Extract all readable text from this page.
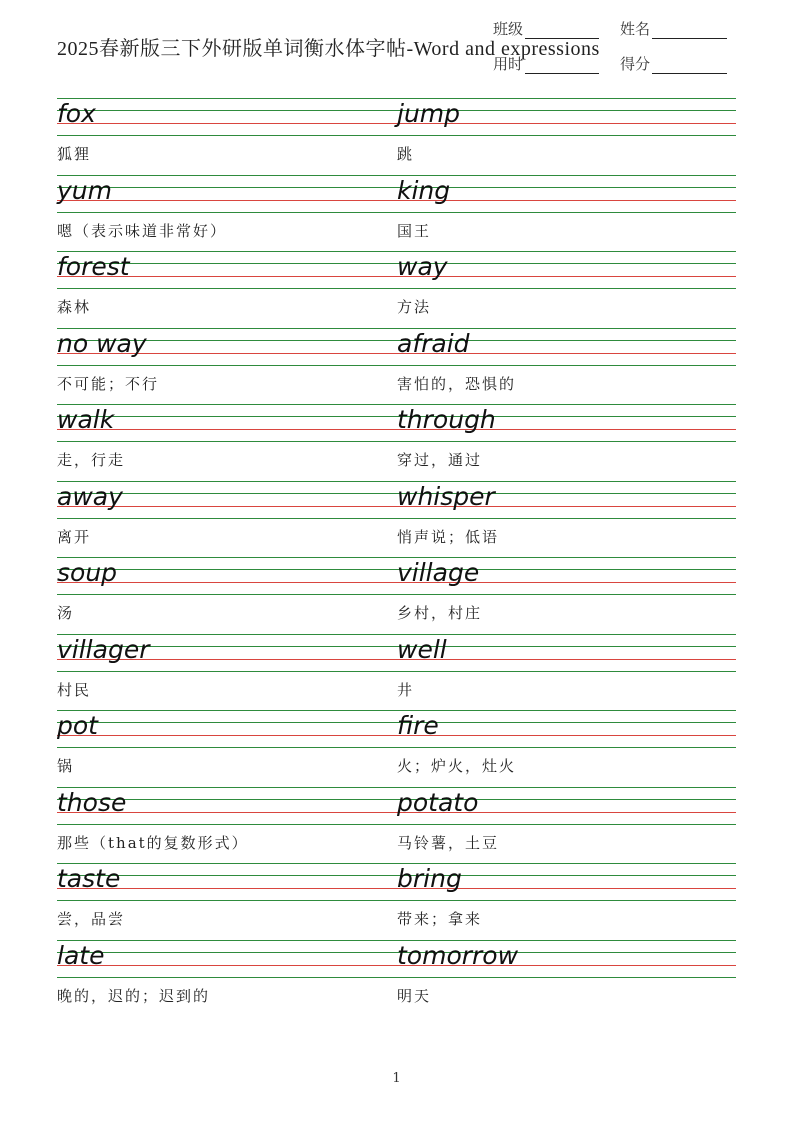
2025春新版三下外研版单词衡水体字帖-Word and expressions
班级	姓名
用时	得分
fox
狐狸
jump
跳
yum
嗯（表示味道非常好）
king
国王
forest
森林
way
方法
no way
不可能；不行
afraid
害怕的，恐惧的
walk
走，行走
through
穿过，通过
away
离开
whisper
悄声说；低语
soup
汤
village
乡村，村庄
villager
村民
well
井
pot
锅
fire
火；炉火，灶火
those
那些（that的复数形式）
potato
马铃薯，土豆
taste
尝，品尝
bring
带来；拿来
late
晚的，迟的；迟到的
tomorrow
明天
1
